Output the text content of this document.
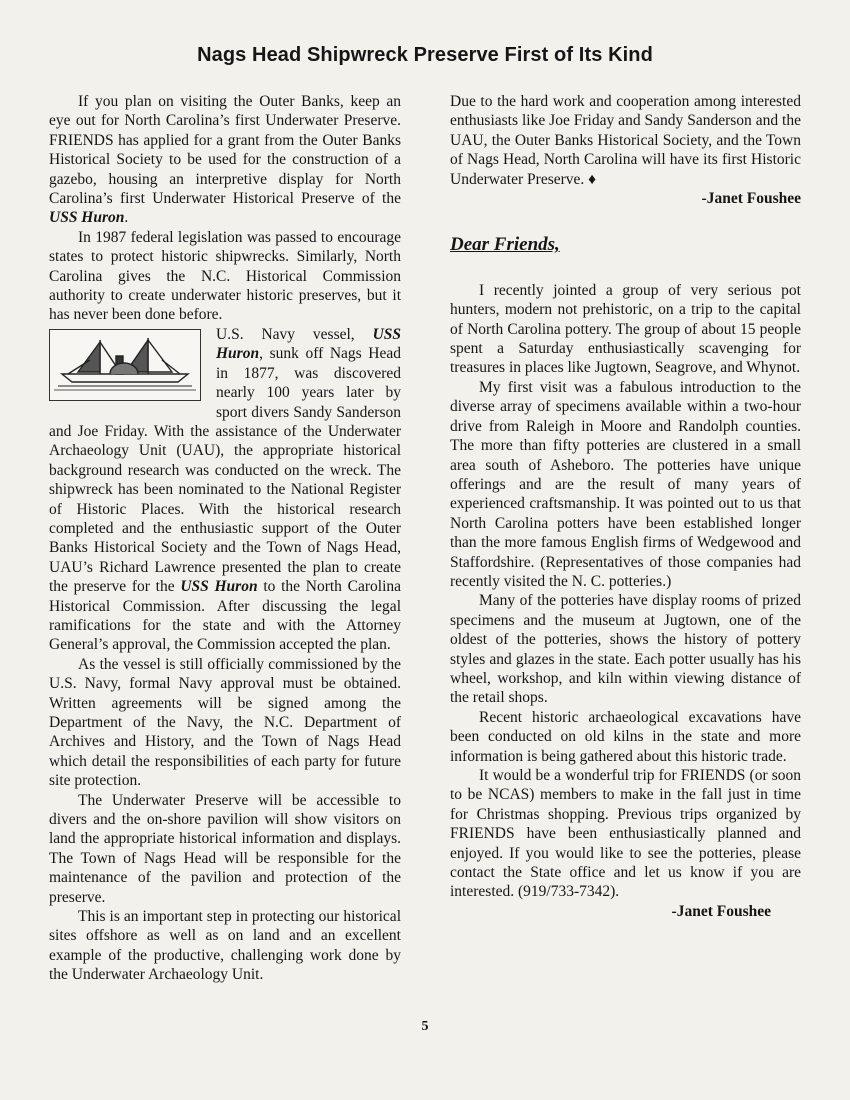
Nags Head Shipwreck Preserve First of Its Kind

If you plan on visiting the Outer Banks, keep an eye out for North Carolina’s first Underwater Preserve. FRIENDS has applied for a grant from the Outer Banks Historical Society to be used for the construction of a gazebo, housing an interpretive display for North Carolina’s first Underwater Historical Preserve of the USS Huron.

In 1987 federal legislation was passed to encourage states to protect historic shipwrecks. Similarly, North Carolina gives the N.C. Historical Commission authority to create underwater historic preserves, but it has never been done before.

U.S. Navy vessel, USS Huron, sunk off Nags Head in 1877, was discovered nearly 100 years later by sport divers Sandy Sanderson and Joe Friday. With the assistance of the Underwater Archaeology Unit (UAU), the appropriate historical background research was conducted on the wreck. The shipwreck has been nominated to the National Register of Historic Places. With the historical research completed and the enthusiastic support of the Outer Banks Historical Society and the Town of Nags Head, UAU’s Richard Lawrence presented the plan to create the preserve for the USS Huron to the North Carolina Historical Commission. After discussing the legal ramifications for the state and with the Attorney General’s approval, the Commission accepted the plan.

As the vessel is still officially commissioned by the U.S. Navy, formal Navy approval must be obtained. Written agreements will be signed among the Department of the Navy, the N.C. Department of Archives and History, and the Town of Nags Head which detail the responsibilities of each party for future site protection.

The Underwater Preserve will be accessible to divers and the on-shore pavilion will show visitors on land the appropriate historical information and displays. The Town of Nags Head will be responsible for the maintenance of the pavilion and protection of the preserve.

This is an important step in protecting our historical sites offshore as well as on land and an excellent example of the productive, challenging work done by the Underwater Archaeology Unit.

Due to the hard work and cooperation among interested enthusiasts like Joe Friday and Sandy Sanderson and the UAU, the Outer Banks Historical Society, and the Town of Nags Head, North Carolina will have its first Historic Underwater Preserve. ♦

-Janet Foushee

Dear Friends,

I recently jointed a group of very serious pot hunters, modern not prehistoric, on a trip to the capital of North Carolina pottery. The group of about 15 people spent a Saturday enthusiastically scavenging for treasures in places like Jugtown, Seagrove, and Whynot.

My first visit was a fabulous introduction to the diverse array of specimens available within a two-hour drive from Raleigh in Moore and Randolph counties. The more than fifty potteries are clustered in a small area south of Asheboro. The potteries have unique offerings and are the result of many years of experienced craftsmanship. It was pointed out to us that North Carolina potters have been established longer than the more famous English firms of Wedgewood and Staffordshire. (Representatives of those companies had recently visited the N. C. potteries.)

Many of the potteries have display rooms of prized specimens and the museum at Jugtown, one of the oldest of the potteries, shows the history of pottery styles and glazes in the state. Each potter usually has his wheel, workshop, and kiln within viewing distance of the retail shops.

Recent historic archaeological excavations have been conducted on old kilns in the state and more information is being gathered about this historic trade.

It would be a wonderful trip for FRIENDS (or soon to be NCAS) members to make in the fall just in time for Christmas shopping. Previous trips organized by FRIENDS have been enthusiastically planned and enjoyed. If you would like to see the potteries, please contact the State office and let us know if you are interested. (919/733-7342).

-Janet Foushee

5
